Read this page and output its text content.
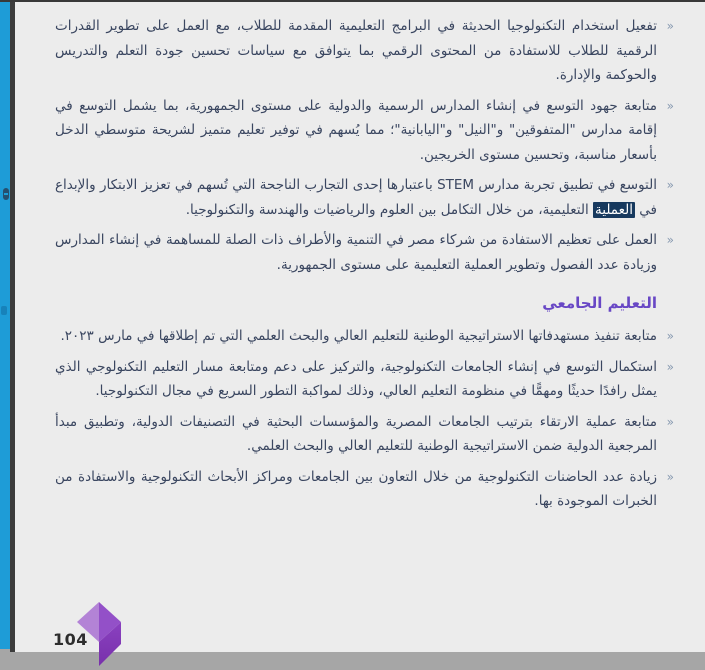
«

تفعيل استخدام التكنولوجيا الحديثة في البرامج التعليمية المقدمة للطلاب، مع العمل على تطوير القدرات الرقمية للطلاب للاستفادة من المحتوى الرقمي بما يتوافق مع سياسات تحسين جودة التعلم والتدريس والحوكمة والإدارة.

«

متابعة جهود التوسع في إنشاء المدارس الرسمية والدولية على مستوى الجمهورية، بما يشمل التوسع في إقامة مدارس "المتفوقين" و"النيل" و"اليابانية"؛ مما يُسهم في توفير تعليم متميز لشريحة متوسطي الدخل بأسعار مناسبة، وتحسين مستوى الخريجين.

«

التوسع في تطبيق تجربة مدارس STEM باعتبارها إحدى التجارب الناجحة التي تُسهم في تعزيز الابتكار والإبداع في العملية التعليمية، من خلال التكامل بين العلوم والرياضيات والهندسة والتكنولوجيا.

«

العمل على تعظيم الاستفادة من شركاء مصر في التنمية والأطراف ذات الصلة للمساهمة في إنشاء المدارس وزيادة عدد الفصول وتطوير العملية التعليمية على مستوى الجمهورية.

التعليم الجامعي
«

متابعة تنفيذ مستهدفاتها الاستراتيجية الوطنية للتعليم العالي والبحث العلمي التي تم إطلاقها في مارس ٢٠٢٣.

«

استكمال التوسع في إنشاء الجامعات التكنولوجية، والتركيز على دعم ومتابعة مسار التعليم التكنولوجي الذي يمثل رافدًا حديثًا ومهمًّا في منظومة التعليم العالي، وذلك لمواكبة التطور السريع في مجال التكنولوجيا.

«

متابعة عملية الارتقاء بترتيب الجامعات المصرية والمؤسسات البحثية في التصنيفات الدولية، وتطبيق مبدأ المرجعية الدولية ضمن الاستراتيجية الوطنية للتعليم العالي والبحث العلمي.

«

زيادة عدد الحاضنات التكنولوجية من خلال التعاون بين الجامعات ومراكز الأبحاث التكنولوجية والاستفادة من الخبرات الموجودة بها.

104
